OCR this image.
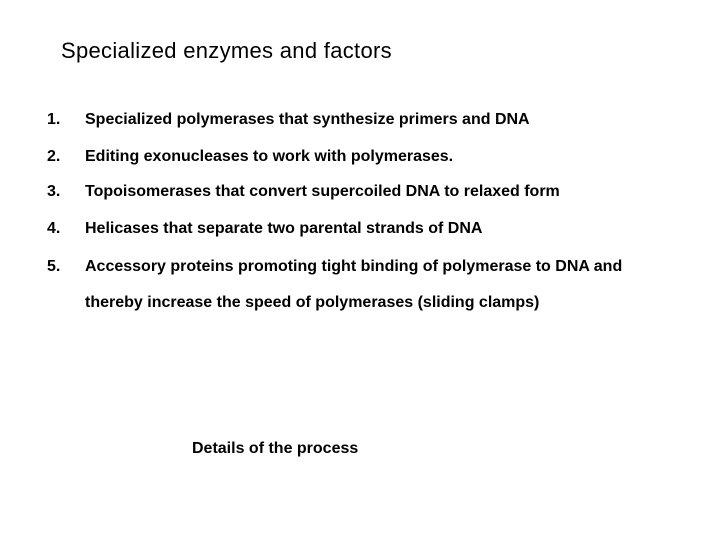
Specialized enzymes and factors
1. Specialized polymerases that synthesize primers and DNA
2. Editing exonucleases to work with polymerases.
3. Topoisomerases that convert supercoiled DNA to relaxed form
4. Helicases that separate two parental strands of DNA
5. Accessory proteins promoting tight binding of polymerase to DNA and
thereby increase the speed of polymerases (sliding clamps)
Details of the process
